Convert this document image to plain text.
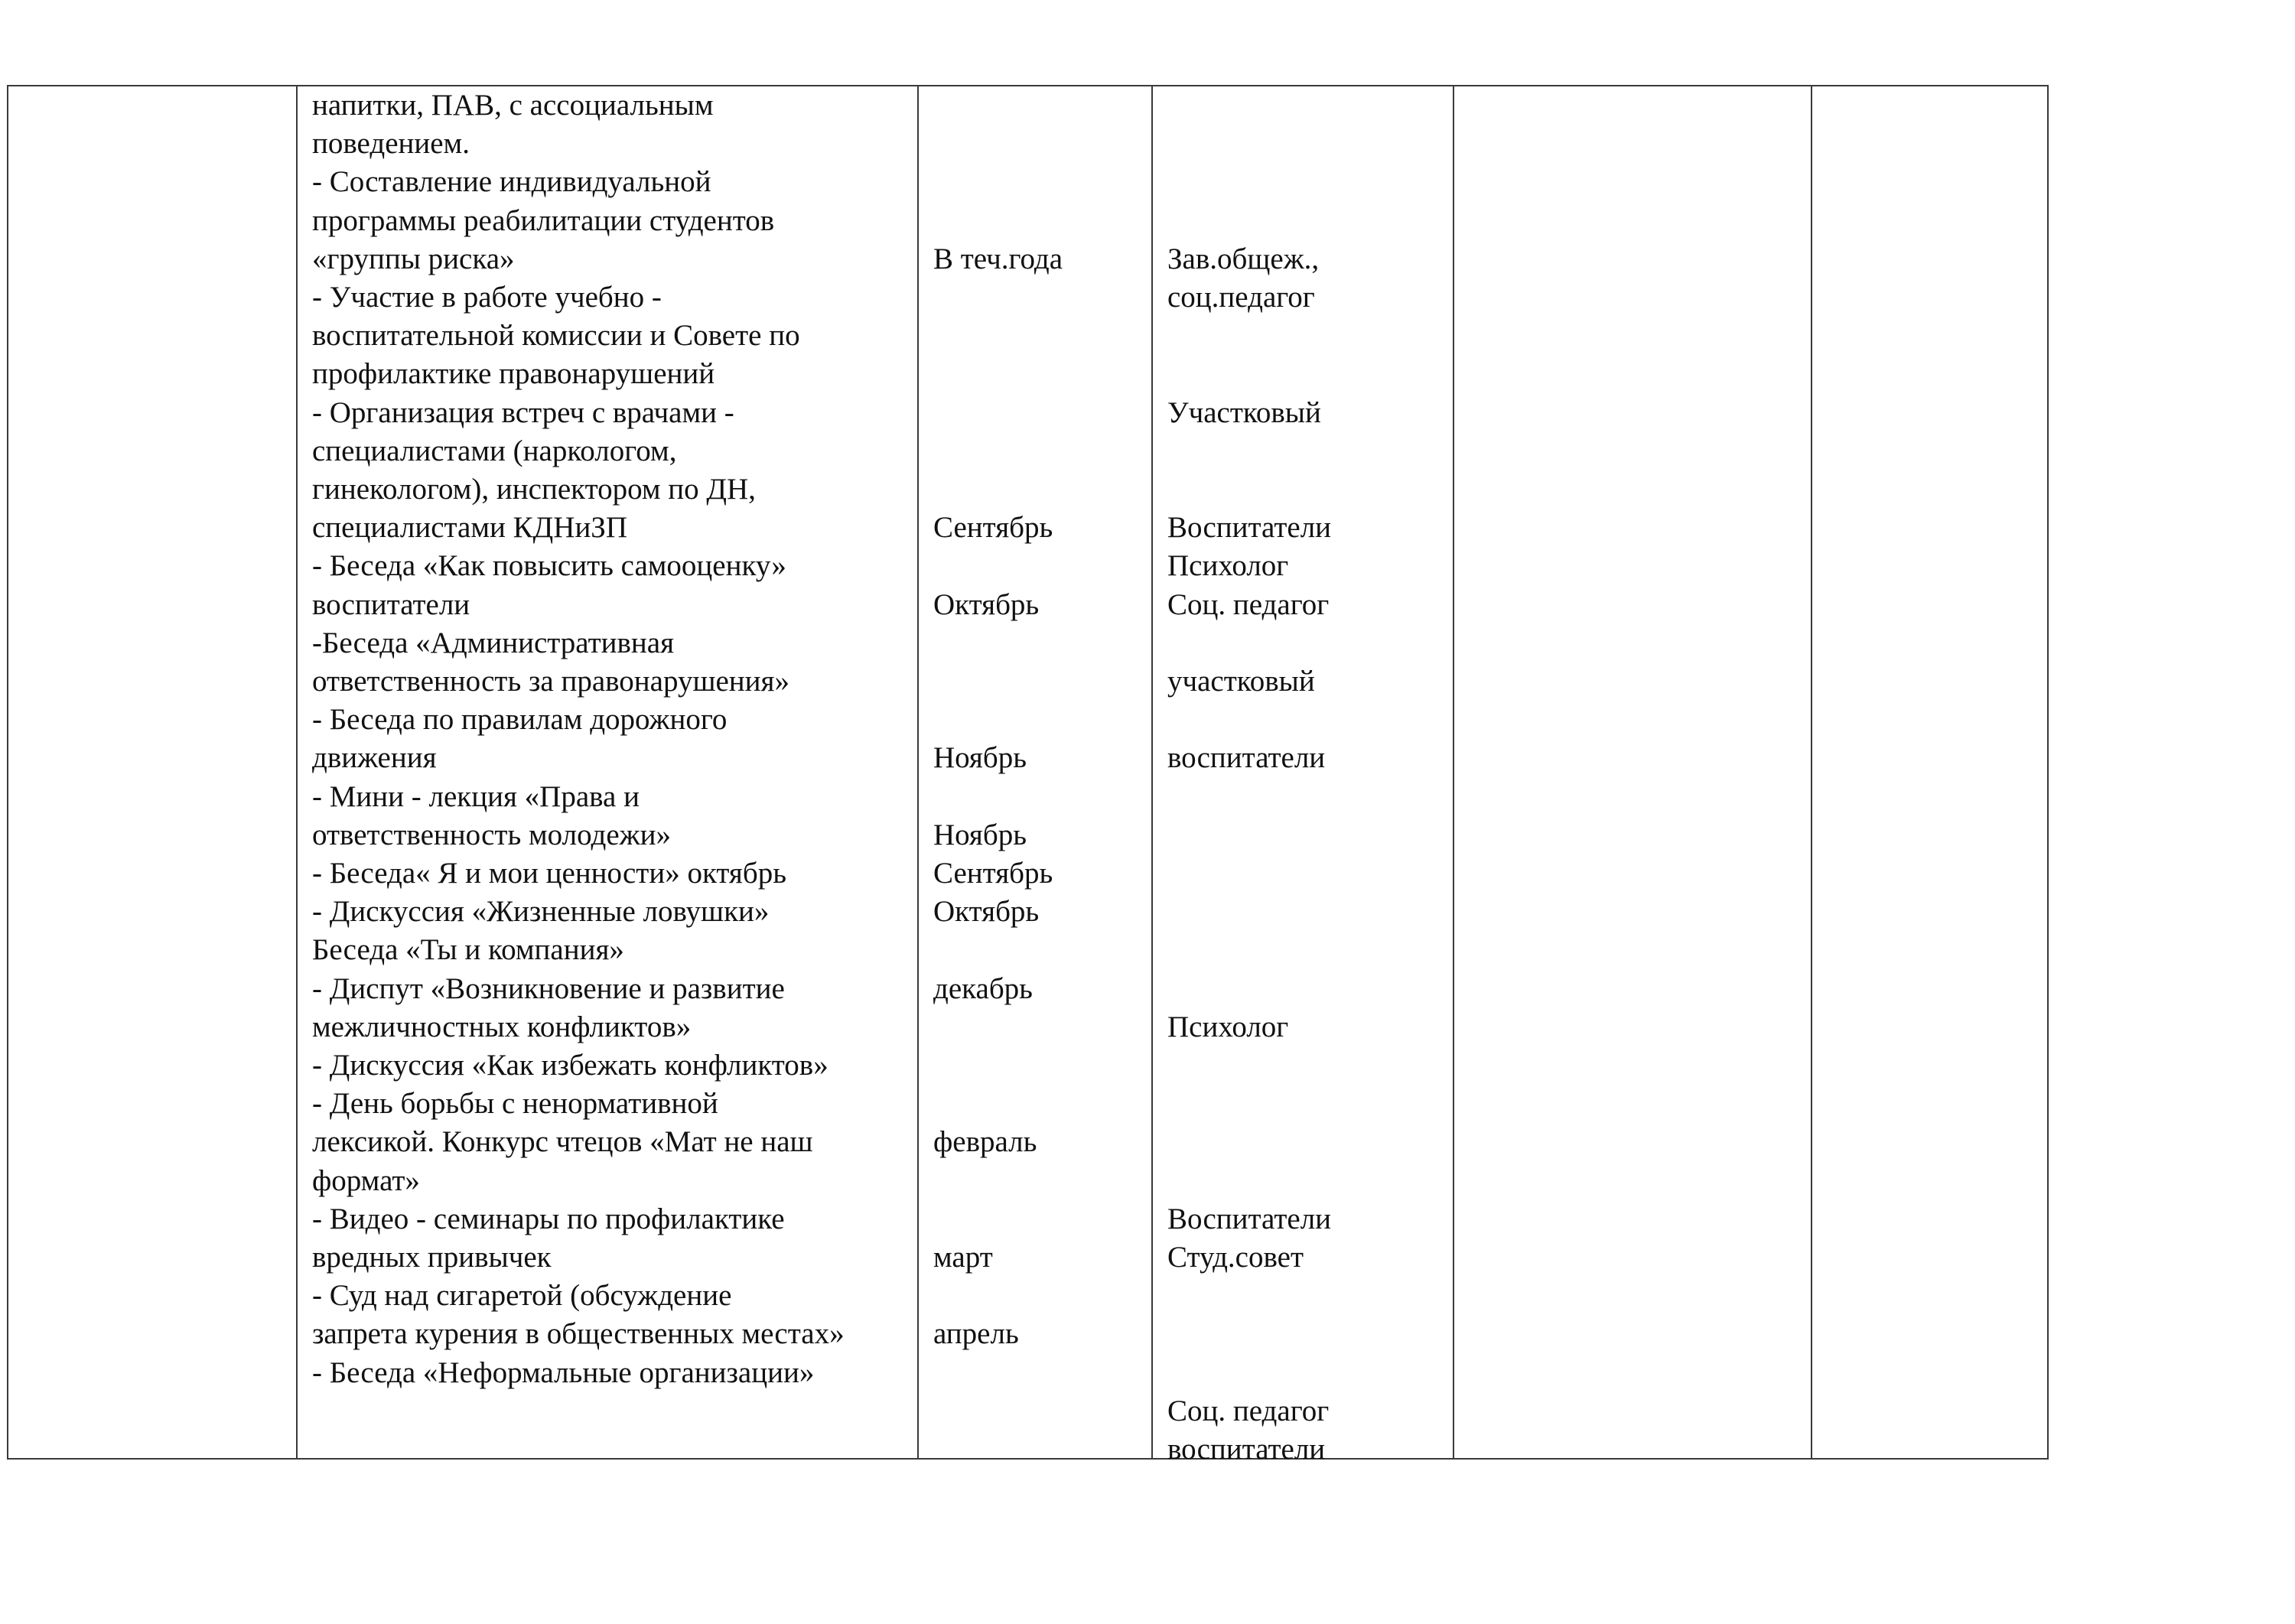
напитки, ПАВ, с ассоциальным
поведением.
- Составление индивидуальной
программы реабилитации студентов
«группы риска»
- Участие в работе учебно -
воспитательной комиссии и Совете по
профилактике правонарушений
- Организация встреч с врачами -
специалистами (наркологом,
гинекологом), инспектором по ДН,
специалистами КДНиЗП
- Беседа «Как повысить самооценку»
воспитатели
-Беседа «Административная
ответственность за правонарушения»
- Беседа по правилам дорожного
движения
- Мини - лекция «Права и
ответственность молодежи»
- Беседа« Я и мои ценности» октябрь
- Дискуссия «Жизненные ловушки»
Беседа «Ты и компания»
- Диспут «Возникновение и развитие
межличностных конфликтов»
- Дискуссия «Как избежать конфликтов»
- День борьбы с ненормативной
лексикой. Конкурс чтецов «Мат не наш
формат»
- Видео - семинары по профилактике
вредных привычек
- Суд над сигаретой (обсуждение
запрета курения в общественных местах»
- Беседа «Неформальные организации»
В теч.года
Сентябрь
Октябрь
Ноябрь
Ноябрь
Сентябрь
Октябрь
декабрь
февраль
март
апрель
Зав.общеж.,
соц.педагог
Участковый
Воспитатели
Психолог
Соц. педагог
участковый
воспитатели
Психолог
Воспитатели
Студ.совет
Соц. педагог
воспитатели
